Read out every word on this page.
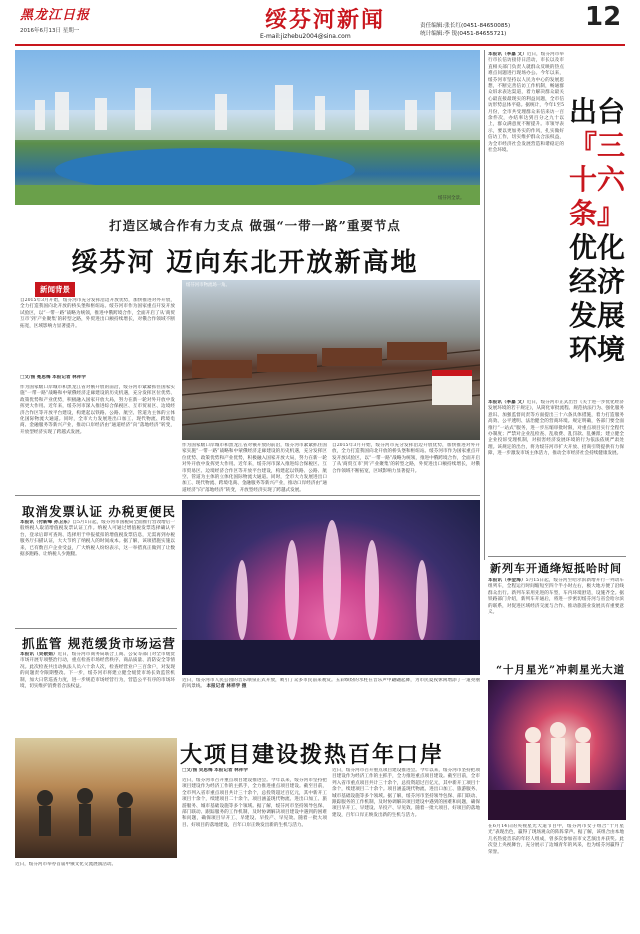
黑龙江日报
2016年6月13日 星期一	绥芬河新闻
E-mail:jizhebu2004@sina.com
责任编辑:张长红(0451-84650085)
统计编辑:李 锐(0451-84655721)
12
绥芬河全景。
本报讯（李嘉 文）近日，绥芬河市举行市长信访接待日活动，市长以及市直相关部门负责人就群众反映的热点难点问题进行现场办公。今年以来，绥芬河市坚持以人民为中心的发展思想，不断完善信访工作机制，畅通群众诉求表达渠道，着力解决群众最关心最直接最现实的利益问题，全市信访形势总体平稳。据统计，今年1至5月份，全市共受理群众来信来访一百余件次，办结率达到百分之九十以上，群众满意度不断提升。市领导表示，要以更加务实的作风，扎实做好信访工作，切实维护群众合法权益，为全市经济社会发展营造和谐稳定的社会环境。
出台
『三十六条』
优化经济发展环境
本报讯（李嘉 文）近日，绥芬河市正式出台《关于进一步优化经济发展环境的若干规定》，从简化审批流程、规范执法行为、强化服务意识、加强监督问责等方面提出三十六条具体措施，着力打造服务高效、公平透明、法治健全的营商环境。规定明确，各部门要全面推行“一站式”服务，进一步压缩审批时限，对重点项目实行全程代办制度；严禁对企业乱检查、乱收费、乱罚款、乱摊派；建立健全企业投诉受理机制，对损害经济发展环境的行为依法依规严肃处理。该规定的出台，将为绥芬河市扩大开放、招商引资提供有力保障，进一步激发市场主体活力，推动全市经济社会持续健康发展。
打造区域合作有力支点 做强“一带一路”重要节点
绥芬河 迈向东北开放新高地
新闻背景
自2015年3月开始，绥芬河市充分发挥沿边开放优势，加快推进对外开放，全力打造我国向北开放的桥头堡和枢纽站。绥芬河市作为国家重点开发开放试验区，以“一带一路”战略为统领，推进中俄跨境合作，全面开启了从‘商贸互市’到‘产业聚集’的转型之路，外贸进出口额持续增长，对俄合作领域不断拓宽，区域影响力显著提升。
□文/图 冕思梅 本报记者 林祥学
作为国家级口岸城市和黑龙江省对俄开放的前沿，绥芬河市紧紧抓住国家实施“一带一路”战略和中蒙俄经济走廊建设的历史机遇，充分发挥区位优势、政策优势和产业优势，积极融入国家开放大局，努力在新一轮对外开放中发挥更大作用。近年来，绥芬河市深入推进综合保税区、互市贸易区、边境经济合作区等开放平台建设，构建起以铁路、公路、航空、管道为主体的立体化国际物流大通道。同时，全市大力发展进出口加工、现代物流、跨境电商、金融服务等新兴产业，推动口岸经济由“通道经济”向“落地经济”转变，开放型经济实现了跨越式发展。
绥芬河市物流场一角。
作为国家级口岸城市和黑龙江省对俄开放的前沿，绥芬河市紧紧抓住国家实施“一带一路”战略和中蒙俄经济走廊建设的历史机遇，充分发挥区位优势、政策优势和产业优势，积极融入国家开放大局，努力在新一轮对外开放中发挥更大作用。近年来，绥芬河市深入推进综合保税区、互市贸易区、边境经济合作区等开放平台建设，构建起以铁路、公路、航空、管道为主体的立体化国际物流大通道。同时，全市大力发展进出口加工、现代物流、跨境电商、金融服务等新兴产业，推动口岸经济由“通道经济”向“落地经济”转变，开放型经济实现了跨越式发展。
自2015年3月开始，绥芬河市充分发挥沿边开放优势，加快推进对外开放，全力打造我国向北开放的桥头堡和枢纽站。绥芬河市作为国家重点开发开放试验区，以“一带一路”战略为统领，推进中俄跨境合作，全面开启了从‘商贸互市’到‘产业聚集’的转型之路，外贸进出口额持续增长，对俄合作领域不断拓宽，区域影响力显著提升。
取消发票认证 办税更便民
本报讯（付新峰 孙卫东）自5月1日起，绥芬河市国税局全面推行营改增后一般纳税人取消增值税发票认证工作。纳税人可通过增值税发票选择确认平台，登录后即可查询、选择用于申报抵扣的增值税发票信息，无需再到办税服务厅扫描认证，大大节约了纳税人的时间成本。据了解，该项措施实施以来，已有数百户企业受益，广大纳税人纷纷表示，这一举措真正做到了让数据多跑路、让纳税人少跑腿。
抓监管 规范缓货市场运营
本报讯（吴敬娟）近日，绥芬河市商务局联合工商、公安等部门对全市缓货市场开展专项整治行动，重点检查市场经营秩序、商品质量、消防安全等情况。此次检查共出动执法人员六十余人次，检查经营业户三百余户，对发现的问题责令限期整改。下一步，绥芬河市将建立健全缓货市场长效监管机制，加大日常巡查力度，进一步规范市场经营行为，营造公平有序的市场环境，切实维护消费者合法权益。
近日，绥芬河市人民公园的音乐喷泉正式开放，吸引了众多市民前来观赏。五彩缤纷的水柱在音乐声中翩翩起舞，为市民夏夜休闲增添了一道亮丽的风景线。 本报记者 林祥学 摄
近日，绥芬河市举办首届中俄文化交流展演活动。
大项目建设拨热百年口岸
□文/图 吴思梅 本报记者 林祥学
近日，绥芬河市召开重点项目建设推进会。今年以来，绥芬河市坚持把项目建设作为经济工作的主抓手，全力推进重点项目建设。截至目前，全市列入省市重点项目共计三十余个，总投资超过百亿元，其中新开工项目十余个，续建项目二十余个。项目涵盖现代物流、进出口加工、旅游服务、城市基础设施等多个领域。据了解，绥芬河市坚持领导包保、部门联动、跟踪服务的工作机制，及时协调解决项目建设中遇到的困难和问题，确保项目早开工、早建设、早投产、早见效。随着一批大项目、好项目的落地建设，百年口岸正焕发出新的生机与活力。
近日，绥芬河市召开重点项目建设推进会。今年以来，绥芬河市坚持把项目建设作为经济工作的主抓手，全力推进重点项目建设。截至目前，全市列入省市重点项目共计三十余个，总投资超过百亿元，其中新开工项目十余个，续建项目二十余个。项目涵盖现代物流、进出口加工、旅游服务、城市基础设施等多个领域。据了解，绥芬河市坚持领导包保、部门联动、跟踪服务的工作机制，及时协调解决项目建设中遇到的困难和问题，确保项目早开工、早建设、早投产、早见效。随着一批大项目、好项目的落地建设，百年口岸正焕发出新的生机与活力。
新列车开通绛短抵哈时间
本报讯（李金海）5月15日起，绥芬河至哈尔滨新增开行一列动车组列车，全程运行时间缩短至四个半小时左右，极大地方便了沿线群众出行。新列车采用先进的车型，车内环境舒适，设施齐全。据铁路部门介绍，新列车开通后，将进一步密切绥芬河与省会哈尔滨的联系，对促进区域经济交流与合作、推动旅游业发展具有重要意义。
“十月星光”冲刺星光大道
在6月14日的央视星光大道节目中，绥芬河市女子组合“十月星光”表现出色，赢得了现场观众的阵阵掌声。据了解，该组合由本地几名热爱音乐的年轻人组成，曾多次参加省市文艺演出并获奖。此次登上央视舞台，充分展示了边城青年的风采，也为绥芬河赢得了荣誉。
